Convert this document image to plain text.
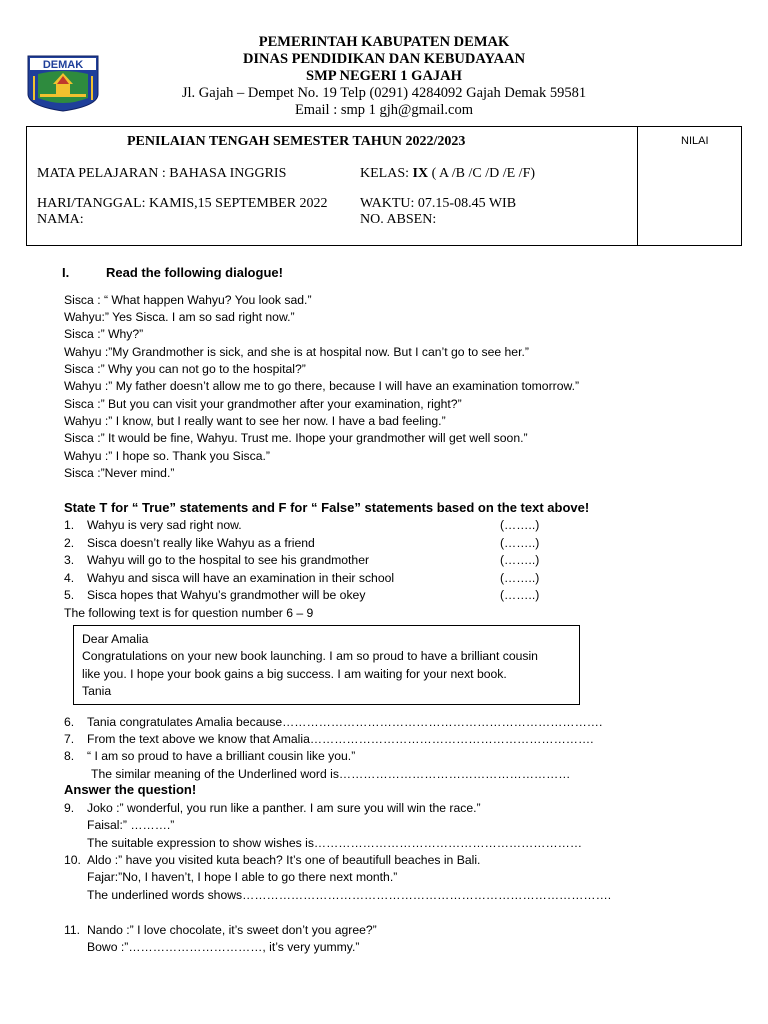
DEMAK
PEMERINTAH KABUPATEN DEMAK
DINAS PENDIDIKAN DAN KEBUDAYAAN
SMP NEGERI 1 GAJAH
Jl. Gajah – Dempet No. 19 Telp (0291) 4284092 Gajah Demak 59581
Email : smp 1 gjh@gmail.com
PENILAIAN TENGAH SEMESTER TAHUN 2022/2023	NILAI
MATA PELAJARAN : BAHASA INGGRIS	KELAS: IX ( A /B /C /D /E /F)
HARI/TANGGAL: KAMIS,15 SEPTEMBER 2022 WAKTU: 07.15-08.45 WIB
NAMA:	NO. ABSEN:
I.	Read the following dialogue!
Sisca : “ What happen Wahyu? You look sad.”
Wahyu:” Yes Sisca. I am so sad right now.”
Sisca :” Why?”
Wahyu :”My Grandmother is sick, and she is at hospital now. But I can’t go to see her.”
Sisca :” Why you can not go to the hospital?”
Wahyu :” My father doesn’t allow me to go there, because I will have an examination tomorrow.”
Sisca :” But you can visit your grandmother after your examination, right?”
Wahyu :” I know, but I really want to see her now. I have a bad feeling.”
Sisca :” It would be fine, Wahyu. Trust me. Ihope your grandmother will get well soon.”
Wahyu :” I hope so. Thank you Sisca.”
Sisca :”Never mind.”
State T for “ True” statements and F for “ False” statements based on the text above!
1. Wahyu is very sad right now.	(……..)
2. Sisca doesn’t really like Wahyu as a friend	(……..)
3. Wahyu will go to the hospital to see his grandmother	(……..)
4. Wahyu and sisca will have an examination in their school	(……..)
5. Sisca hopes that Wahyu’s grandmother will be okey	(……..)
The following text is for question number 6 – 9
Dear Amalia
Congratulations on your new book launching. I am so proud to have a brilliant cousin
like you. I hope your book gains a big success. I am waiting for your next book.
Tania
6. Tania congratulates Amalia because…………………………………………………………………….
7. From the text above we know that Amalia…………………………………………………………….
8. “ I am so proud to have a brilliant cousin like you.”
The similar meaning of the Underlined word is…………………………………………………
Answer the question!
9. Joko :” wonderful, you run like a panther. I am sure you will win the race.”
Faisal:” ……….”
The suitable expression to show wishes is…………………………………………………………
10. Aldo :” have you visited kuta beach? It’s one of beautifull beaches in Bali.
Fajar:”No, I haven’t, I hope I able to go there next month.”
The underlined words shows……………………………………………………………………………….
11. Nando :” I love chocolate, it’s sweet don’t you agree?”
Bowo :”……………………………, it’s very yummy.”
